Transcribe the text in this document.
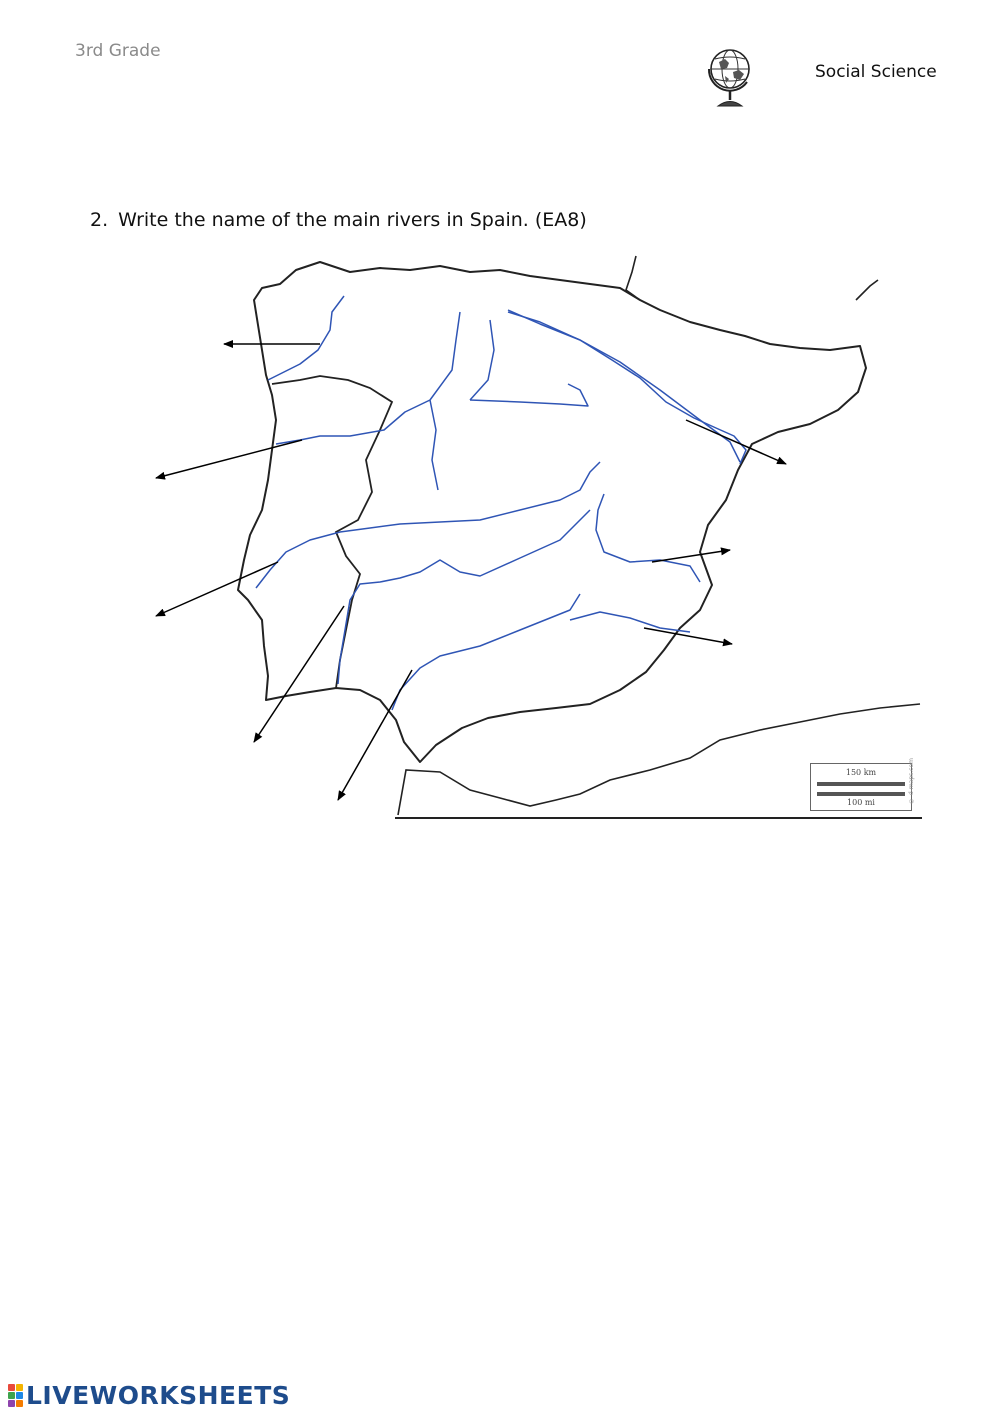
3rd Grade
Social Science
2. Write the name of the main rivers in Spain. (EA8)
150 km
100 mi	© d-maps.com
LIVEWORKSHEETS
